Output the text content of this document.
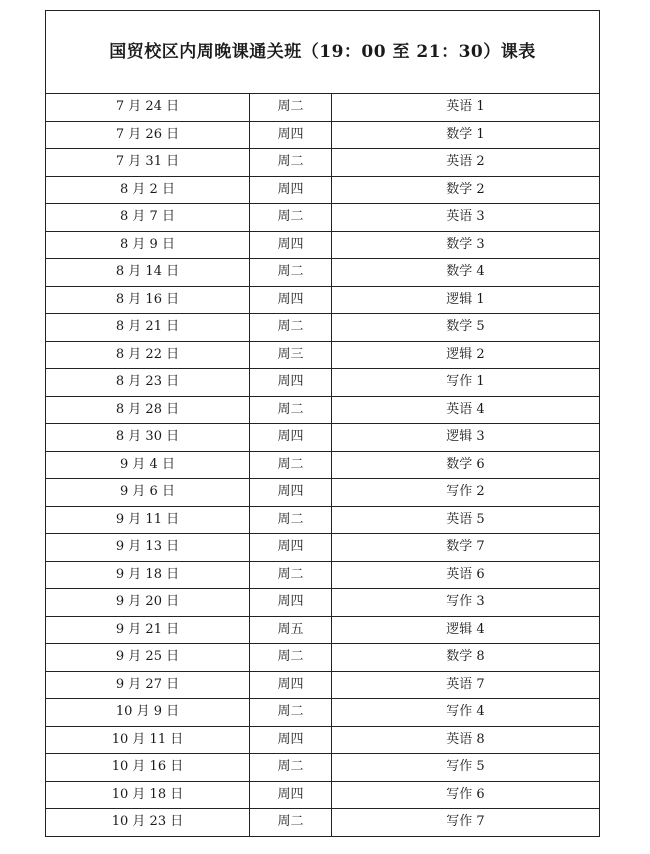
国贸校区内周晚课通关班（19：00 至 21：30）课表		
7 月 24 日	周二	英语 1
7 月 26 日	周四	数学 1
7 月 31 日	周二	英语 2
8 月 2 日	周四	数学 2
8 月 7 日	周二	英语 3
8 月 9 日	周四	数学 3
8 月 14 日	周二	数学 4
8 月 16 日	周四	逻辑 1
8 月 21 日	周二	数学 5
8 月 22 日	周三	逻辑 2
8 月 23 日	周四	写作 1
8 月 28 日	周二	英语 4
8 月 30 日	周四	逻辑 3
9 月 4 日	周二	数学 6
9 月 6 日	周四	写作 2
9 月 11 日	周二	英语 5
9 月 13 日	周四	数学 7
9 月 18 日	周二	英语 6
9 月 20 日	周四	写作 3
9 月 21 日	周五	逻辑 4
9 月 25 日	周二	数学 8
9 月 27 日	周四	英语 7
10 月 9 日	周二	写作 4
10 月 11 日	周四	英语 8
10 月 16 日	周二	写作 5
10 月 18 日	周四	写作 6
10 月 23 日	周二	写作 7
